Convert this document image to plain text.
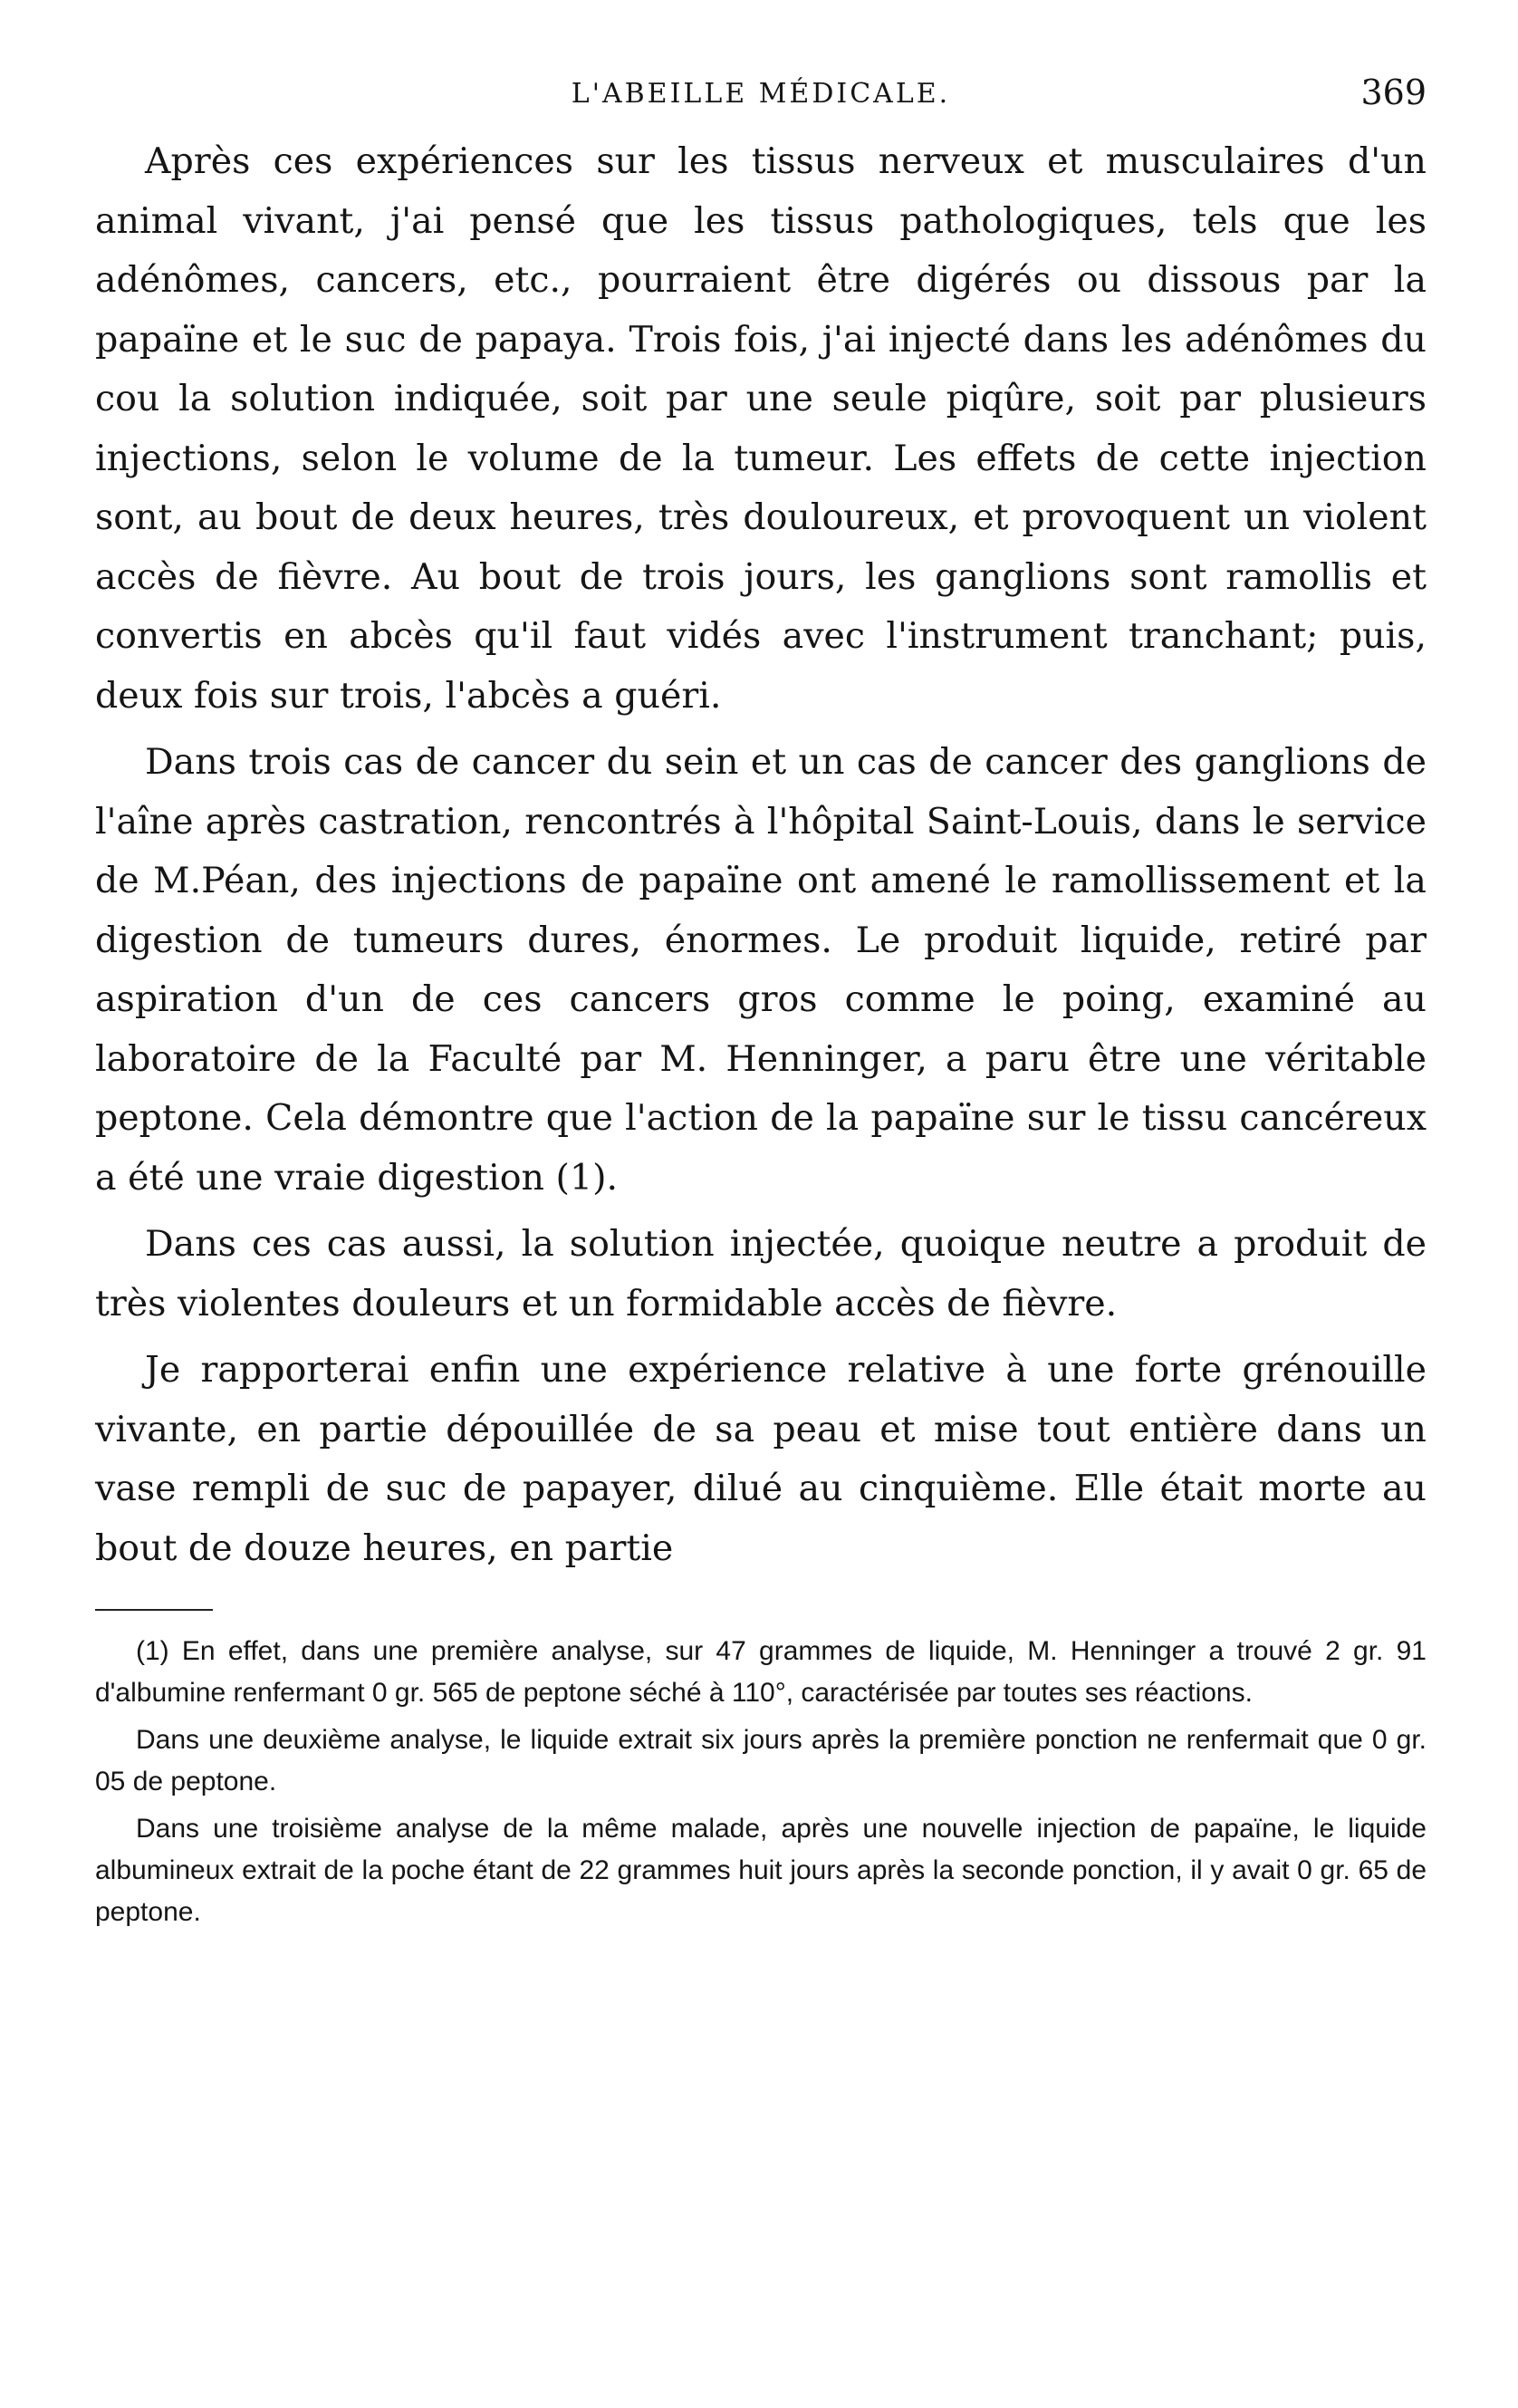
L'ABEILLE MÉDICALE.	369

Après ces expériences sur les tissus nerveux et musculaires d'un animal vivant, j'ai pensé que les tissus pathologiques, tels que les adénômes, cancers, etc., pourraient être digérés ou dissous par la papaïne et le suc de papaya. Trois fois, j'ai injecté dans les adénômes du cou la solution indiquée, soit par une seule piqûre, soit par plusieurs injections, selon le volume de la tumeur. Les effets de cette injection sont, au bout de deux heures, très douloureux, et provoquent un violent accès de fièvre. Au bout de trois jours, les ganglions sont ramollis et convertis en abcès qu'il faut vidés avec l'instrument tranchant; puis, deux fois sur trois, l'abcès a guéri.

Dans trois cas de cancer du sein et un cas de cancer des ganglions de l'aîne après castration, rencontrés à l'hôpital Saint-Louis, dans le service de M.Péan, des injections de papaïne ont amené le ramollissement et la digestion de tumeurs dures, énormes. Le produit liquide, retiré par aspiration d'un de ces cancers gros comme le poing, examiné au laboratoire de la Faculté par M. Henninger, a paru être une véritable peptone. Cela démontre que l'action de la papaïne sur le tissu cancéreux a été une vraie digestion (1).

Dans ces cas aussi, la solution injectée, quoique neutre a produit de très violentes douleurs et un formidable accès de fièvre.

Je rapporterai enfin une expérience relative à une forte grénouille vivante, en partie dépouillée de sa peau et mise tout entière dans un vase rempli de suc de papayer, dilué au cinquième. Elle était morte au bout de douze heures, en partie

(1) En effet, dans une première analyse, sur 47 grammes de liquide, M. Henninger a trouvé 2 gr. 91 d'albumine renfermant 0 gr. 565 de peptone séché à 110°, caractérisée par toutes ses réactions.

Dans une deuxième analyse, le liquide extrait six jours après la première ponction ne renfermait que 0 gr. 05 de peptone.

Dans une troisième analyse de la même malade, après une nouvelle injection de papaïne, le liquide albumineux extrait de la poche étant de 22 grammes huit jours après la seconde ponction, il y avait 0 gr. 65 de peptone.
